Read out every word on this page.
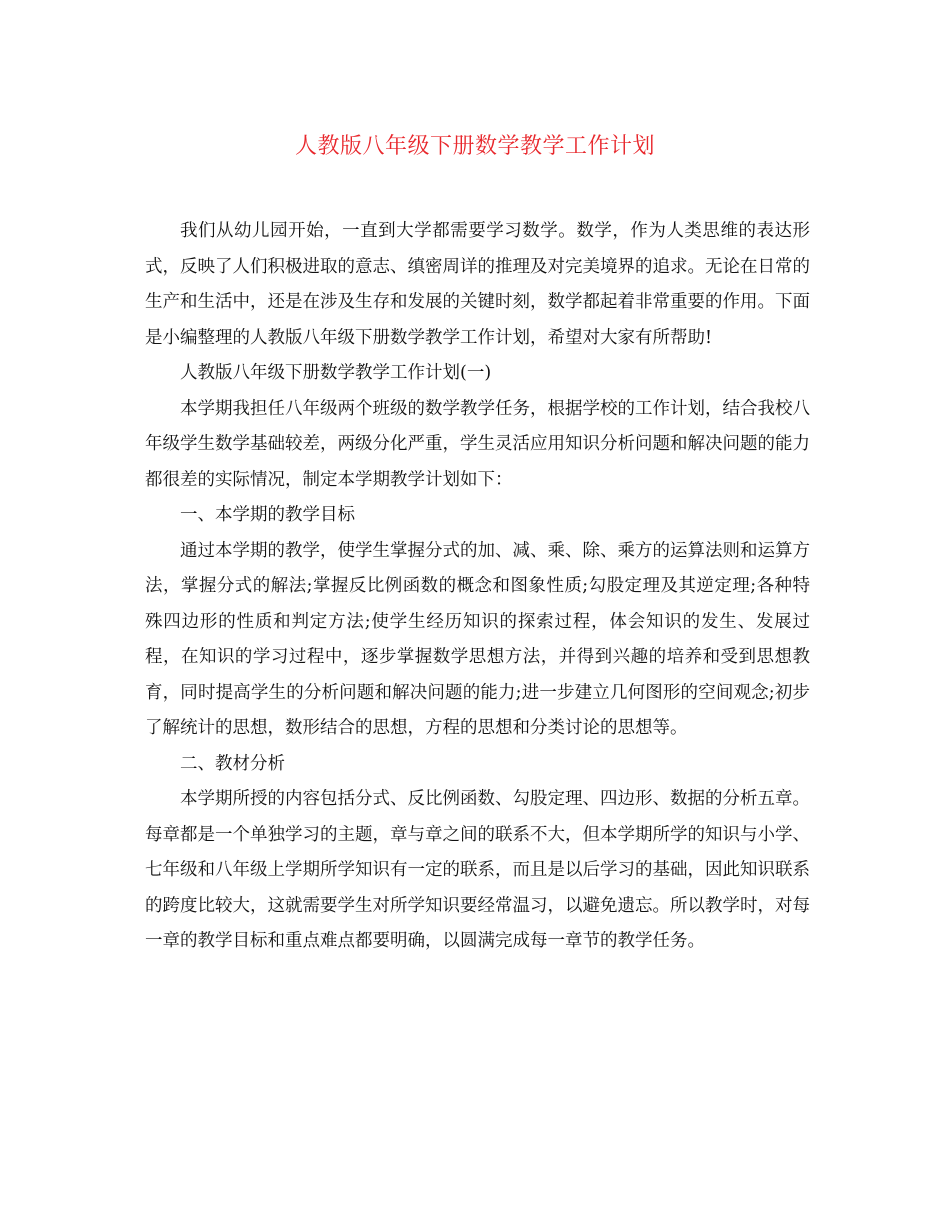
人教版八年级下册数学教学工作计划

我们从幼儿园开始，一直到大学都需要学习数学。数学，作为人类思维的表达形式，反映了人们积极进取的意志、缜密周详的推理及对完美境界的追求。无论在日常的生产和生活中，还是在涉及生存和发展的关键时刻，数学都起着非常重要的作用。下面是小编整理的人教版八年级下册数学教学工作计划，希望对大家有所帮助!

人教版八年级下册数学教学工作计划(一)

本学期我担任八年级两个班级的数学教学任务，根据学校的工作计划，结合我校八年级学生数学基础较差，两级分化严重，学生灵活应用知识分析问题和解决问题的能力都很差的实际情况，制定本学期教学计划如下：

一、本学期的教学目标

通过本学期的教学，使学生掌握分式的加、减、乘、除、乘方的运算法则和运算方法，掌握分式的解法;掌握反比例函数的概念和图象性质;勾股定理及其逆定理;各种特殊四边形的性质和判定方法;使学生经历知识的探索过程，体会知识的发生、发展过程，在知识的学习过程中，逐步掌握数学思想方法，并得到兴趣的培养和受到思想教育，同时提高学生的分析问题和解决问题的能力;进一步建立几何图形的空间观念;初步了解统计的思想，数形结合的思想，方程的思想和分类讨论的思想等。

二、教材分析

本学期所授的内容包括分式、反比例函数、勾股定理、四边形、数据的分析五章。每章都是一个单独学习的主题，章与章之间的联系不大，但本学期所学的知识与小学、七年级和八年级上学期所学知识有一定的联系，而且是以后学习的基础，因此知识联系的跨度比较大，这就需要学生对所学知识要经常温习，以避免遗忘。所以教学时，对每一章的教学目标和重点难点都要明确，以圆满完成每一章节的教学任务。
